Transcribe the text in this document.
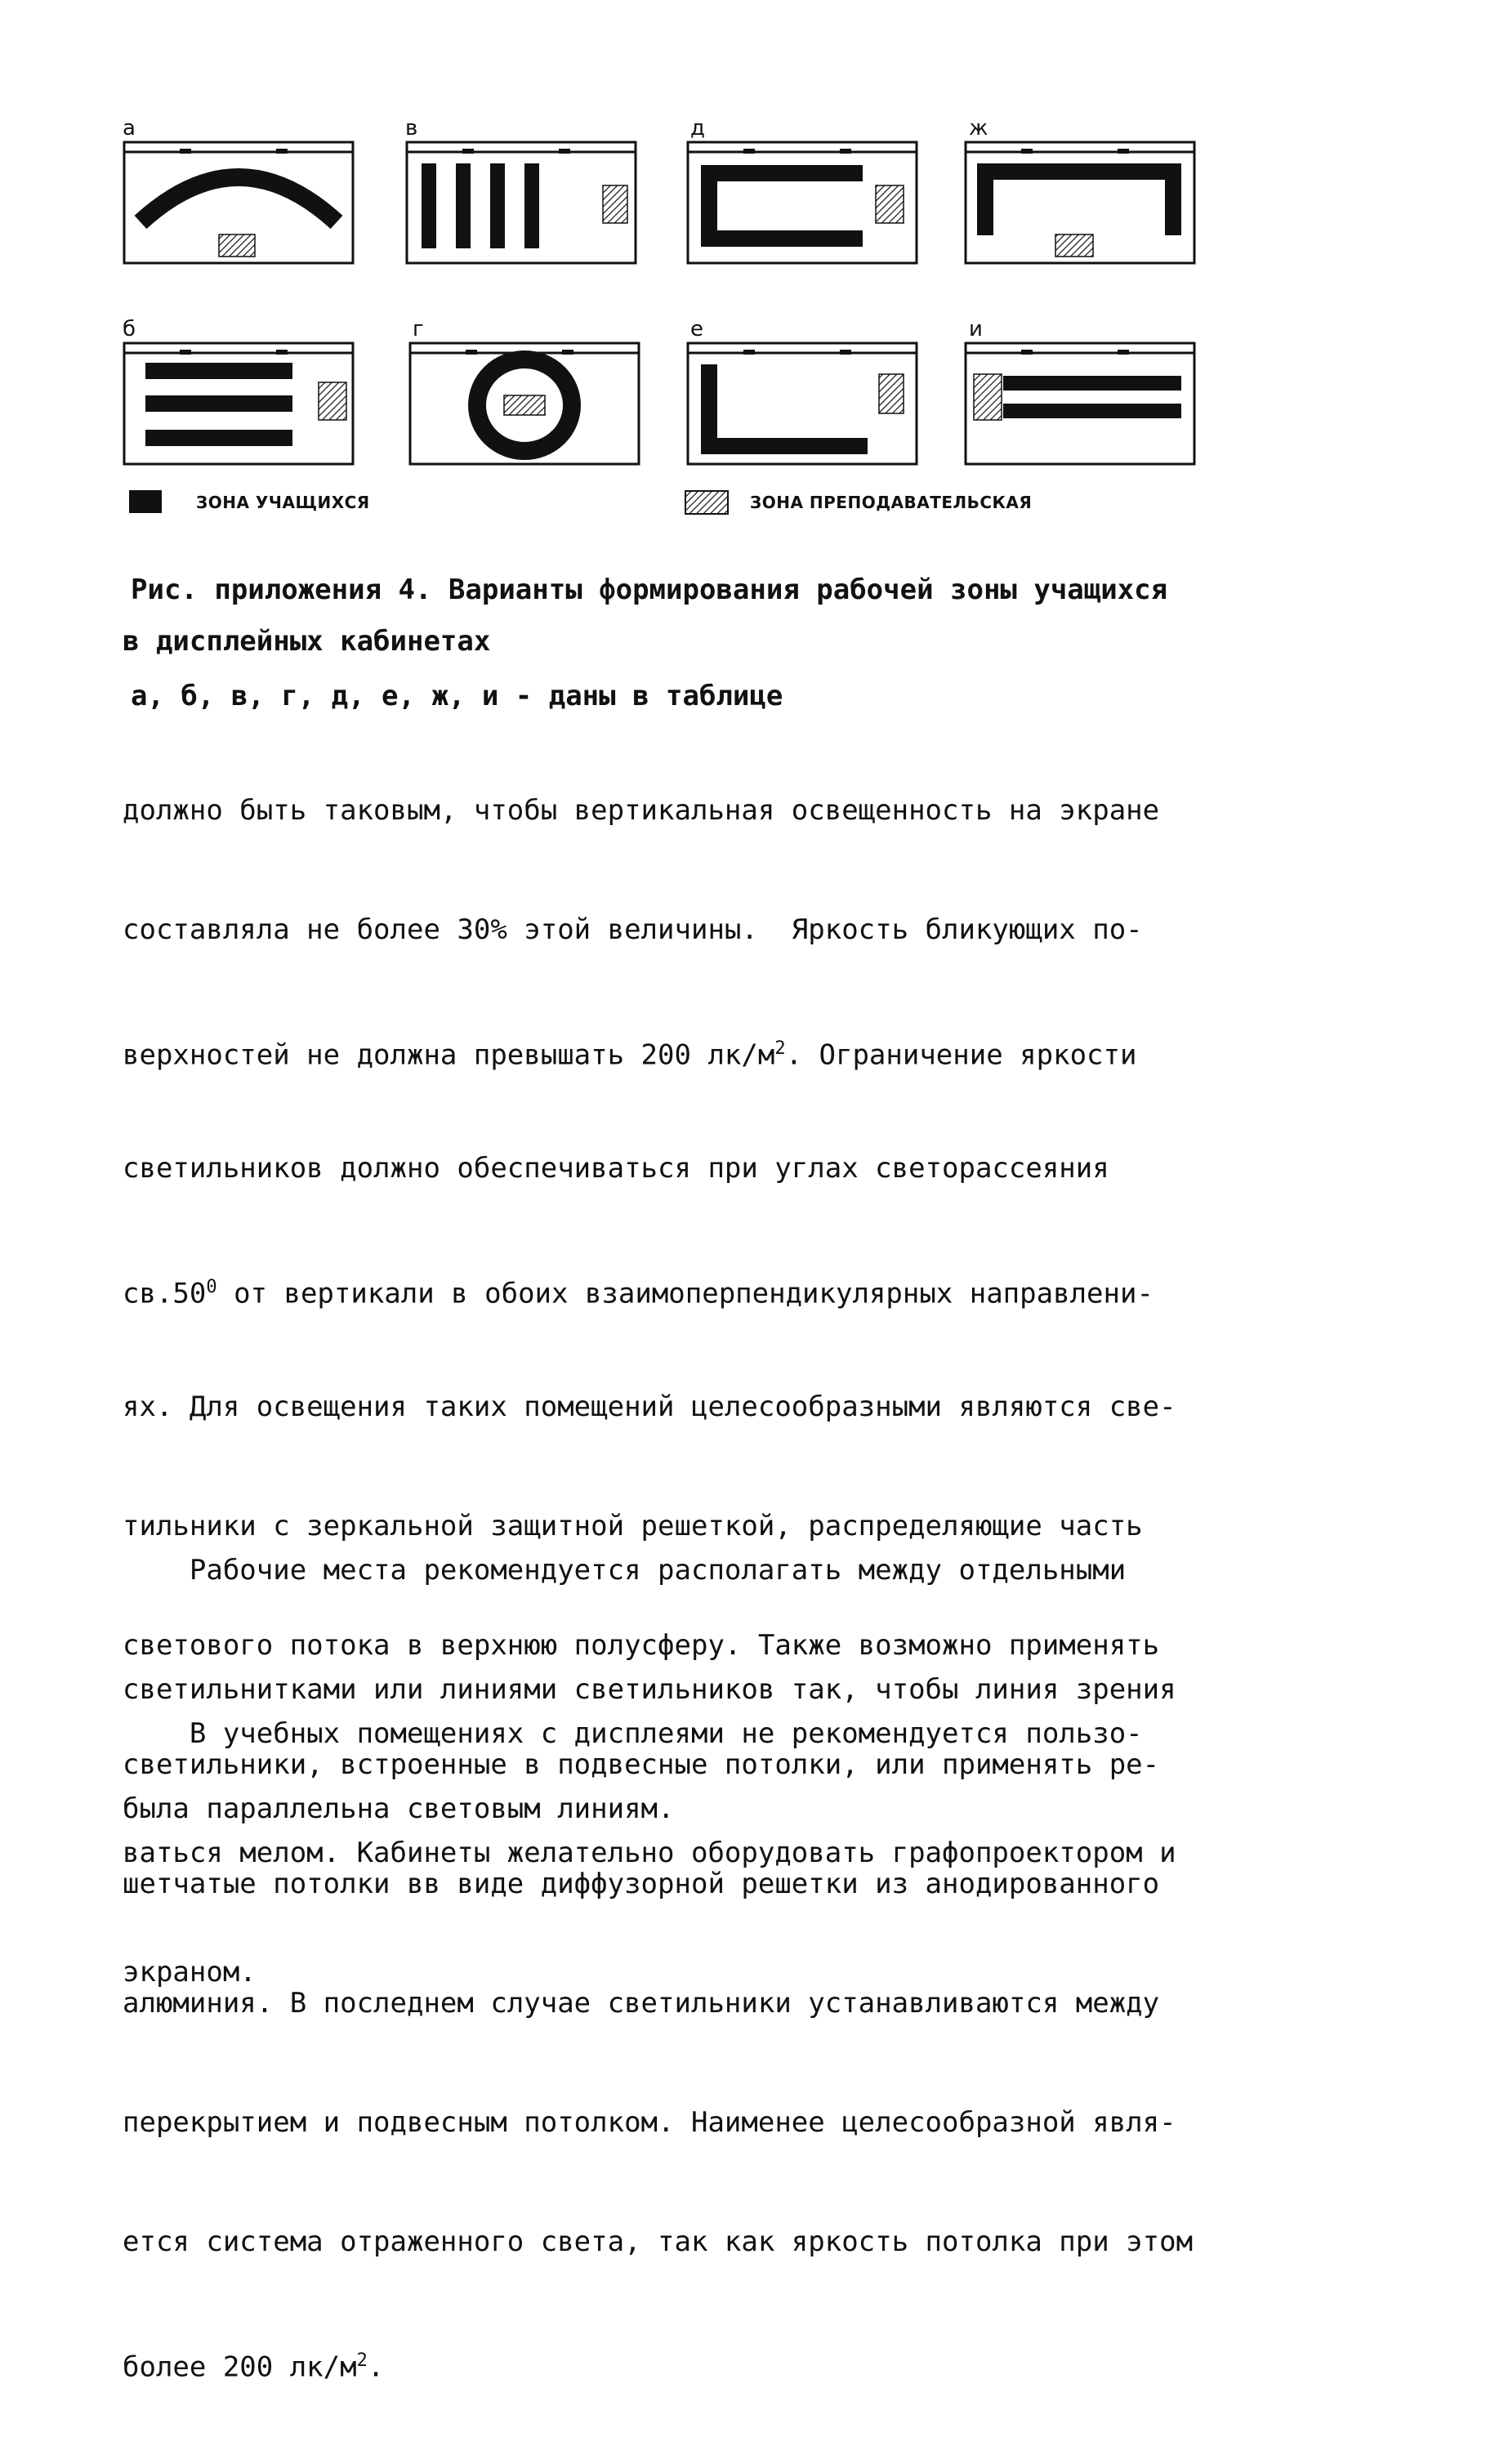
а	в	д	ж
б	г	е	и
ЗОНА УЧАЩИХСЯ	ЗОНА ПРЕПОДАВАТЕЛЬСКАЯ
Рис. приложения 4. Варианты формирования рабочей зоны учащихся
в дисплейных кабинетах
а, б, в, г, д, е, ж, и - даны в таблице

должно быть таковым, чтобы вертикальная освещенность на экране

составляла не более 30% этой величины.  Яркость бликующих по-

верхностей не должна превышать 200 $лк/м^2$. Ограничение яркости

светильников должно обеспечиваться при углах светорассеяния

$св.50^0$ от вертикали в обоих взаимоперпендикулярных направлени-

ях. Для освещения таких помещений целесообразными являются све-

тильники с зеркальной защитной решеткой, распределяющие часть

светового потока в верхнюю полусферу. Также возможно применять

светильники, встроенные в подвесные потолки, или применять ре-

шетчатые потолки вв виде диффузорной решетки из анодированного

алюминия. В последнем случае светильники устанавливаются между

перекрытием и подвесным потолком. Наименее целесообразной явля-

ется система отраженного света, так как яркость потолка при этом

более 200 $лк/м^2$.

Рабочие места рекомендуется располагать между отдельными

светильнитками или линиями светильников так, чтобы линия зрения

была параллельна световым линиям.

В учебных помещениях с дисплеями не рекомендуется пользо-

ваться мелом. Кабинеты желательно оборудовать графопроектором и

экраном.
